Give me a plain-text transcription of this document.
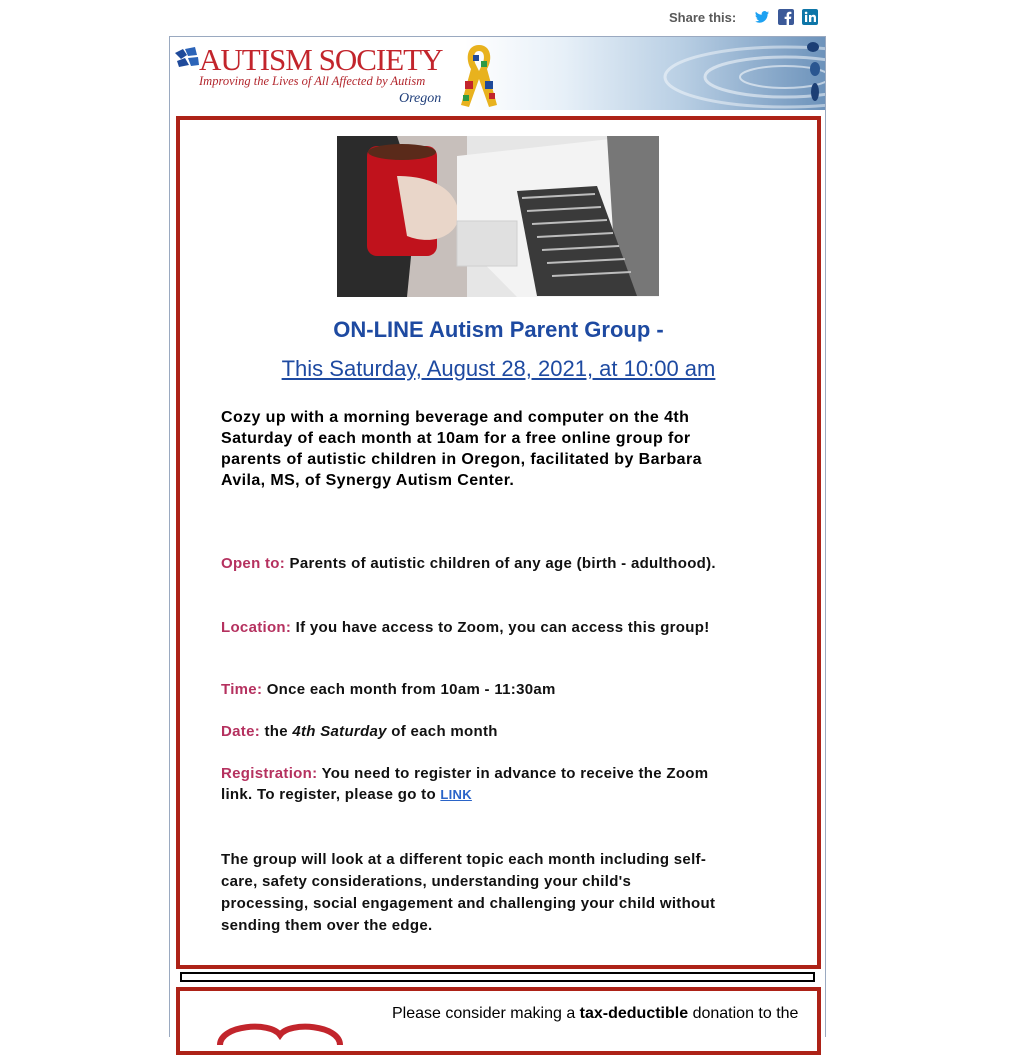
Share this:
AUTISM SOCIETY
Improving the Lives of All Affected by Autism
Oregon
ON-LINE Autism Parent Group -
This Saturday, August 28, 2021, at 10:00 am
Cozy up with a morning beverage and computer on the 4th Saturday of each month at 10am for a free online group for parents of autistic children in Oregon, facilitated by Barbara Avila, MS, of Synergy Autism Center.
Open to: Parents of autistic children of any age (birth - adulthood).
Location: If you have access to Zoom, you can access this group!
Time: Once each month from 10am - 11:30am
Date: the 4th Saturday of each month
Registration: You need to register in advance to receive the Zoom link. To register, please go to LINK
The group will look at a different topic each month including self-care, safety considerations, understanding your child's processing, social engagement and challenging your child without sending them over the edge.
Please consider making a tax-deductible donation to the
